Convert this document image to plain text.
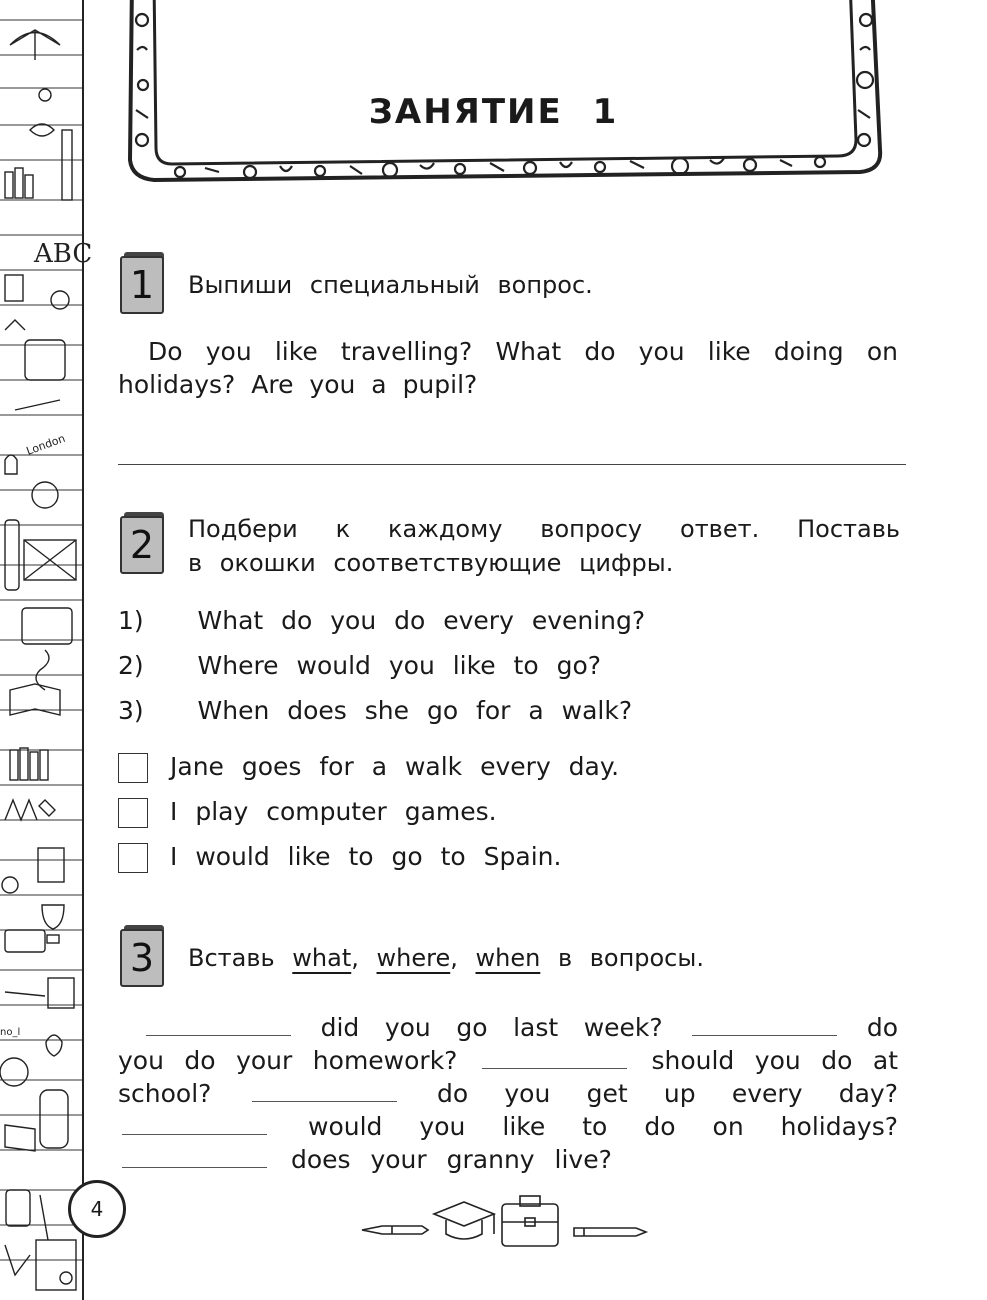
ABC
London
no_l
ЗАНЯТИЕ 1
1	Выпиши специальный вопрос.
Do you like travelling? What do you like doing on holidays? Are you a pupil?
2	Подбери к каждому вопросу ответ. Поставь
в окошки соответствующие цифры.
1)   What do you do every evening?
2)   Where would you like to go?
3)   When does she go for a walk?
Jane goes for a walk every day.
I play computer games.
I would like to go to Spain.
3	Вставь what, where, when в вопросы.
did you go last week?	do you do your homework?	should you do at school?	do you get up every day?  would you like to do on holidays?  does your granny live?
4
